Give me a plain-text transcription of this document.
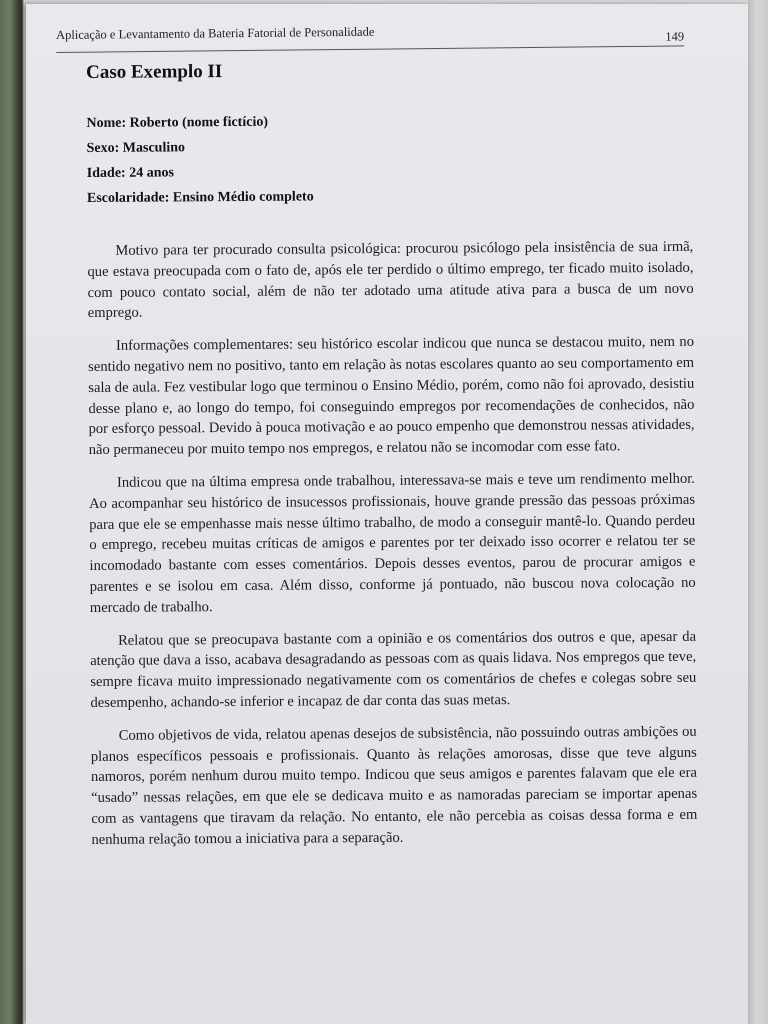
Aplicação e Levantamento da Bateria Fatorial de Personalidade	149
Caso Exemplo II
Nome: Roberto (nome fictício)
Sexo: Masculino
Idade: 24 anos
Escolaridade: Ensino Médio completo

Motivo para ter procurado consulta psicológica: procurou psicólogo pela insistência de sua irmã, que estava preocupada com o fato de, após ele ter perdido o último emprego, ter ficado muito isolado, com pouco contato social, além de não ter adotado uma atitude ativa para a busca de um novo emprego.

Informações complementares: seu histórico escolar indicou que nunca se destacou muito, nem no sentido negativo nem no positivo, tanto em relação às notas escolares quanto ao seu comportamento em sala de aula. Fez vestibular logo que terminou o Ensino Médio, porém, como não foi aprovado, desistiu desse plano e, ao longo do tempo, foi conseguindo empregos por recomendações de conhecidos, não por esforço pessoal. Devido à pouca motivação e ao pouco empenho que demonstrou nessas atividades, não permaneceu por muito tempo nos empregos, e relatou não se incomodar com esse fato.

Indicou que na última empresa onde trabalhou, interessava-se mais e teve um rendimento melhor. Ao acompanhar seu histórico de insucessos profissionais, houve grande pressão das pessoas próximas para que ele se empenhasse mais nesse último trabalho, de modo a conseguir mantê-lo. Quando perdeu o emprego, recebeu muitas críticas de amigos e parentes por ter deixado isso ocorrer e relatou ter se incomodado bastante com esses comentários. Depois desses eventos, parou de procurar amigos e parentes e se isolou em casa. Além disso, conforme já pontuado, não buscou nova colocação no mercado de trabalho.

Relatou que se preocupava bastante com a opinião e os comentários dos outros e que, apesar da atenção que dava a isso, acabava desagradando as pessoas com as quais lidava. Nos empregos que teve, sempre ficava muito impressionado negativamente com os comentários de chefes e colegas sobre seu desempenho, achando-se inferior e incapaz de dar conta das suas metas.

Como objetivos de vida, relatou apenas desejos de subsistência, não possuindo outras ambições ou planos específicos pessoais e profissionais. Quanto às relações amorosas, disse que teve alguns namoros, porém nenhum durou muito tempo. Indicou que seus amigos e parentes falavam que ele era “usado” nessas relações, em que ele se dedicava muito e as namoradas pareciam se importar apenas com as vantagens que tiravam da relação. No entanto, ele não percebia as coisas dessa forma e em nenhuma relação tomou a iniciativa para a separação.
